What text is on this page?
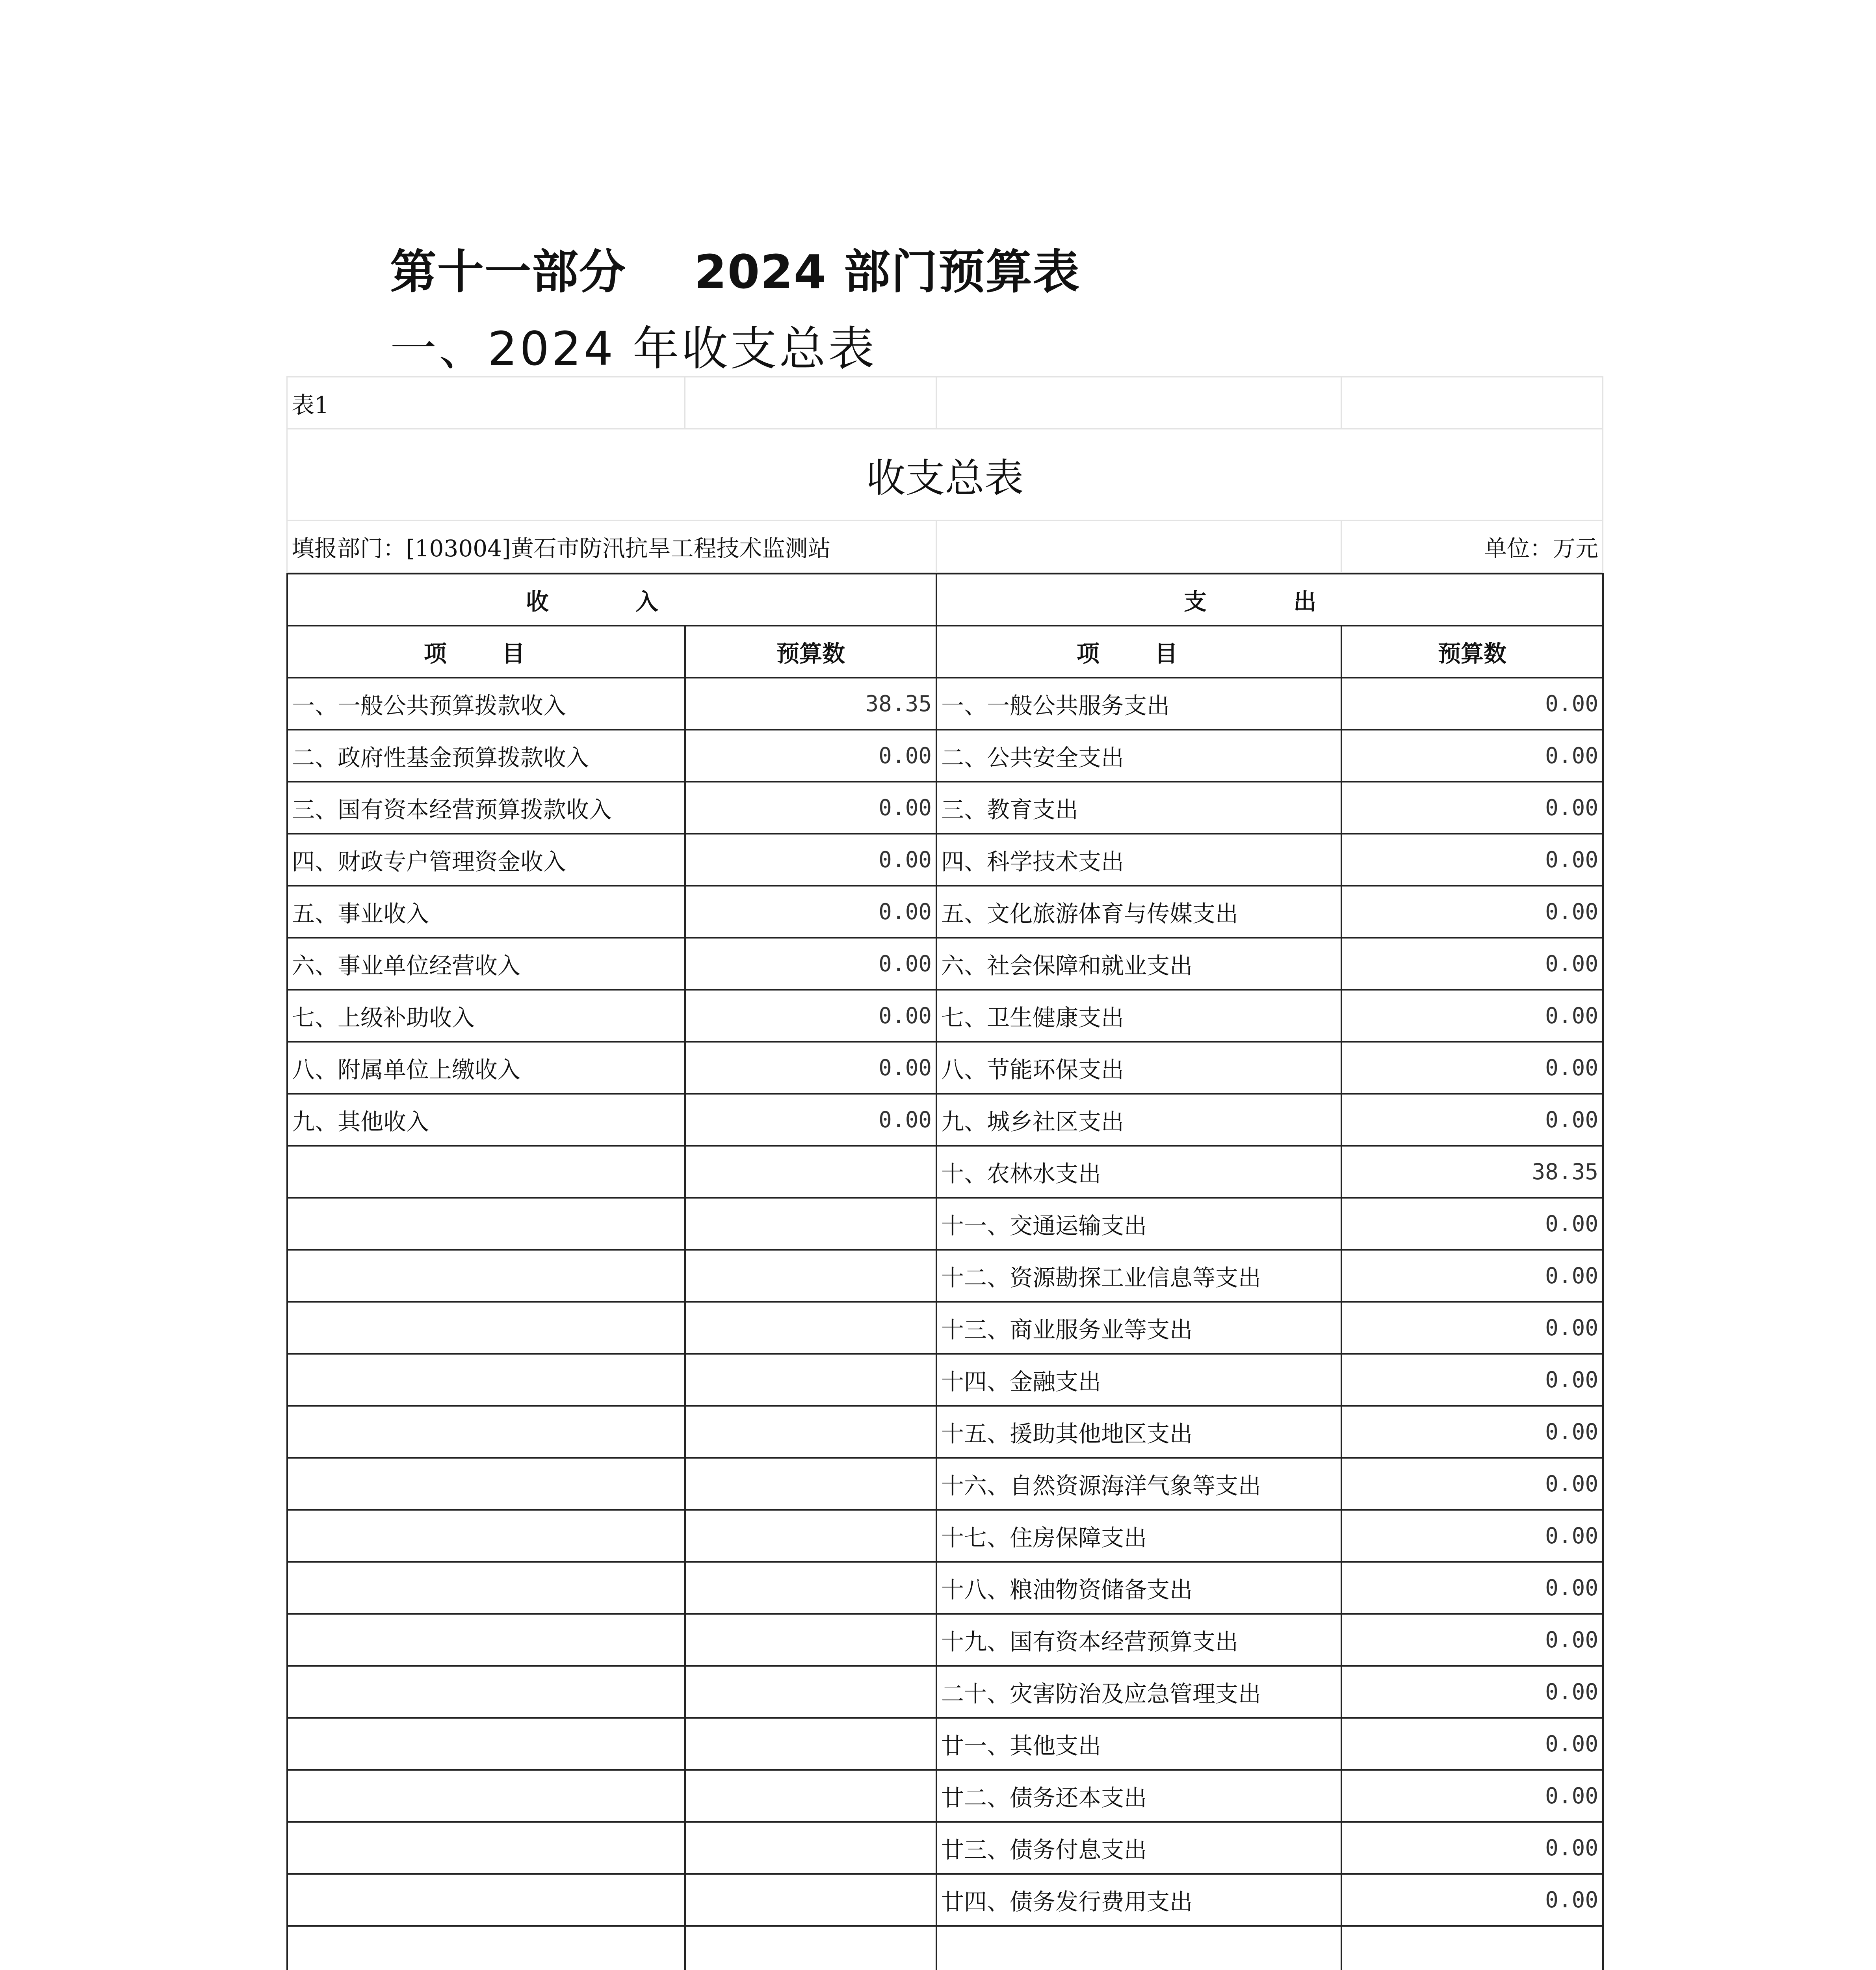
第十一部分    2024 部门预算表
一、2024 年收支总表
表1			
收支总表			
填报部门：[103004]黄石市防汛抗旱工程技术监测站			单位：万元
收 入		支 出	
项 目	预算数	项 目	预算数
一、一般公共预算拨款收入	38.35	一、一般公共服务支出	0.00
二、政府性基金预算拨款收入	0.00	二、公共安全支出	0.00
三、国有资本经营预算拨款收入	0.00	三、教育支出	0.00
四、财政专户管理资金收入	0.00	四、科学技术支出	0.00
五、事业收入	0.00	五、文化旅游体育与传媒支出	0.00
六、事业单位经营收入	0.00	六、社会保障和就业支出	0.00
七、上级补助收入	0.00	七、卫生健康支出	0.00
八、附属单位上缴收入	0.00	八、节能环保支出	0.00
九、其他收入	0.00	九、城乡社区支出	0.00
		十、农林水支出	38.35
		十一、交通运输支出	0.00
		十二、资源勘探工业信息等支出	0.00
		十三、商业服务业等支出	0.00
		十四、金融支出	0.00
		十五、援助其他地区支出	0.00
		十六、自然资源海洋气象等支出	0.00
		十七、住房保障支出	0.00
		十八、粮油物资储备支出	0.00
		十九、国有资本经营预算支出	0.00
		二十、灾害防治及应急管理支出	0.00
		廿一、其他支出	0.00
		廿二、债务还本支出	0.00
		廿三、债务付息支出	0.00
		廿四、债务发行费用支出	0.00
